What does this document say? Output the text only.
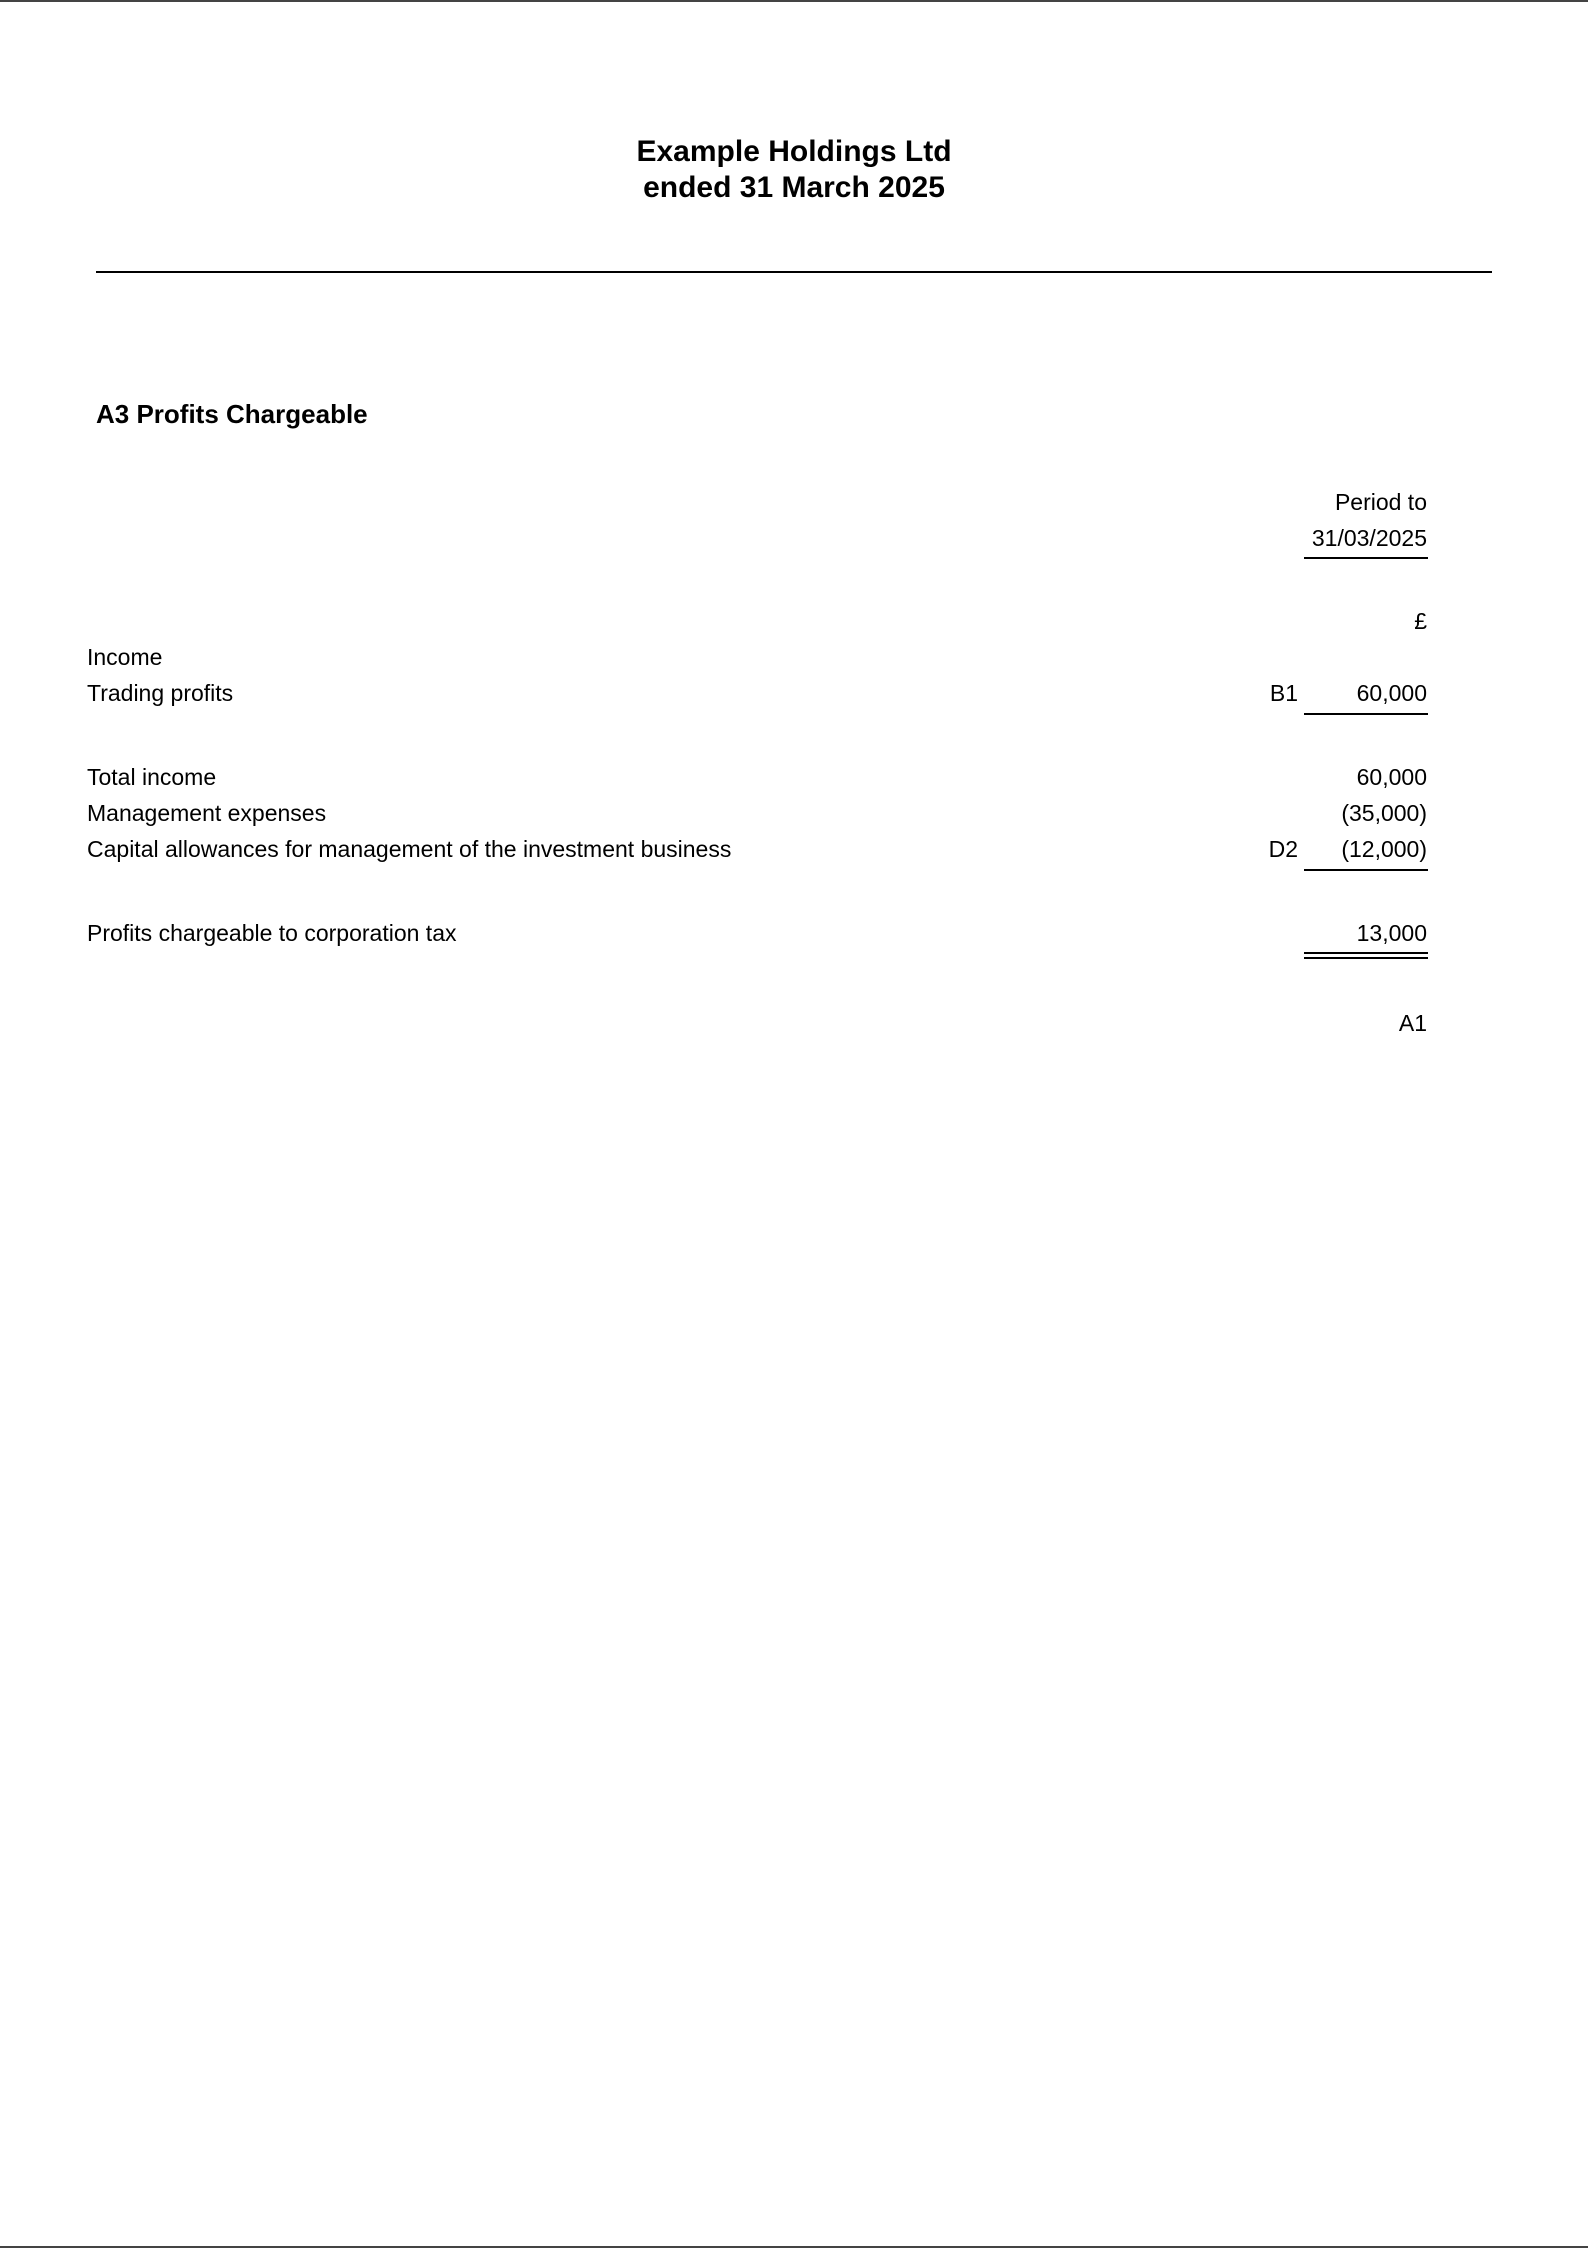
Example Holdings Ltd
ended 31 March 2025
A3 Profits Chargeable
Period to
31/03/2025
£
Income
Trading profits	B1	60,000
Total income	60,000
Management expenses	(35,000)
Capital allowances for management of the investment business	D2 (12,000)
Profits chargeable to corporation tax	13,000
A1
